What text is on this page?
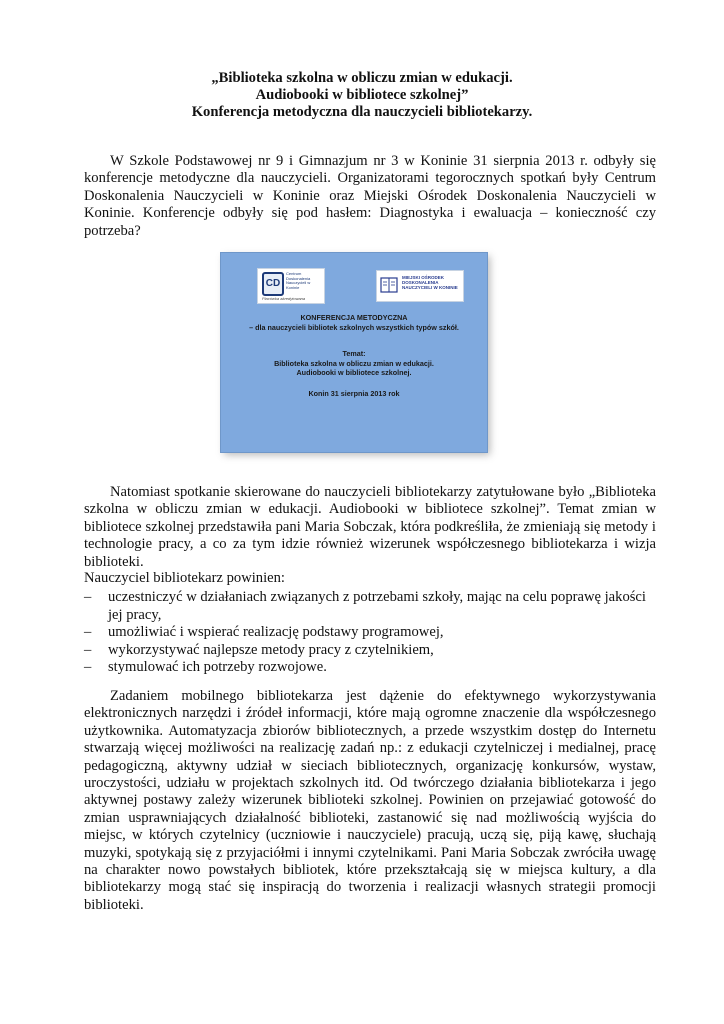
„Biblioteka szkolna w obliczu zmian w edukacji.
Audiobooki w bibliotece szkolnej”
Konferencja metodyczna dla nauczycieli bibliotekarzy.

W Szkole Podstawowej nr 9 i Gimnazjum nr 3 w Koninie 31 sierpnia 2013 r. odbyły się konferencje metodyczne dla nauczycieli. Organizatorami tegorocznych spotkań były Centrum Doskonalenia Nauczycieli w Koninie oraz Miejski Ośrodek Doskonalenia Nauczycieli w Koninie. Konferencje odbyły się pod hasłem: Diagnostyka i ewaluacja – konieczność czy potrzeba?

CD
Centrum Doskonalenia Nauczycieli w Koninie
Placówka akredytowana
MIEJSKI OŚRODEK DOSKONALENIA NAUCZYCIELI W KONINIE

KONFERENCJA METODYCZNA

– dla nauczycieli bibliotek szkolnych wszystkich typów szkół.

Temat:

Biblioteka szkolna w obliczu zmian w edukacji.

Audiobooki w bibliotece szkolnej.

Konin 31 sierpnia 2013 rok

Natomiast spotkanie skierowane do nauczycieli bibliotekarzy zatytułowane było „Biblioteka szkolna w obliczu zmian w edukacji. Audiobooki w bibliotece szkolnej”. Temat zmian w bibliotece szkolnej przedstawiła pani Maria Sobczak, która podkreśliła, że zmieniają się metody i technologie pracy, a co za tym idzie również wizerunek współczesnego bibliotekarza i wizja biblioteki.

Nauczyciel bibliotekarz powinien:

– uczestniczyć w działaniach związanych z potrzebami szkoły, mając na celu poprawę jakości jej pracy,
– umożliwiać i wspierać realizację podstawy programowej,
– wykorzystywać najlepsze metody pracy z czytelnikiem,
– stymulować ich potrzeby rozwojowe.

Zadaniem mobilnego bibliotekarza jest dążenie do efektywnego wykorzystywania elektronicznych narzędzi i źródeł informacji, które mają ogromne znaczenie dla współczesnego użytkownika. Automatyzacja zbiorów bibliotecznych, a przede wszystkim dostęp do Internetu stwarzają więcej możliwości na realizację zadań np.: z edukacji czytelniczej i medialnej, pracę pedagogiczną, aktywny udział w sieciach bibliotecznych, organizację konkursów, wystaw, uroczystości, udziału w projektach szkolnych itd. Od twórczego działania bibliotekarza i jego aktywnej postawy zależy wizerunek biblioteki szkolnej. Powinien on przejawiać gotowość do zmian usprawniających działalność biblioteki, zastanowić się nad możliwością wyjścia do miejsc, w których czytelnicy (uczniowie i nauczyciele) pracują, uczą się, piją kawę, słuchają muzyki, spotykają się z przyjaciółmi i innymi czytelnikami. Pani Maria Sobczak zwróciła uwagę na charakter nowo powstałych bibliotek, które przekształcają się w miejsca kultury, a dla bibliotekarzy mogą stać się inspiracją do tworzenia i realizacji własnych strategii promocji biblioteki.
